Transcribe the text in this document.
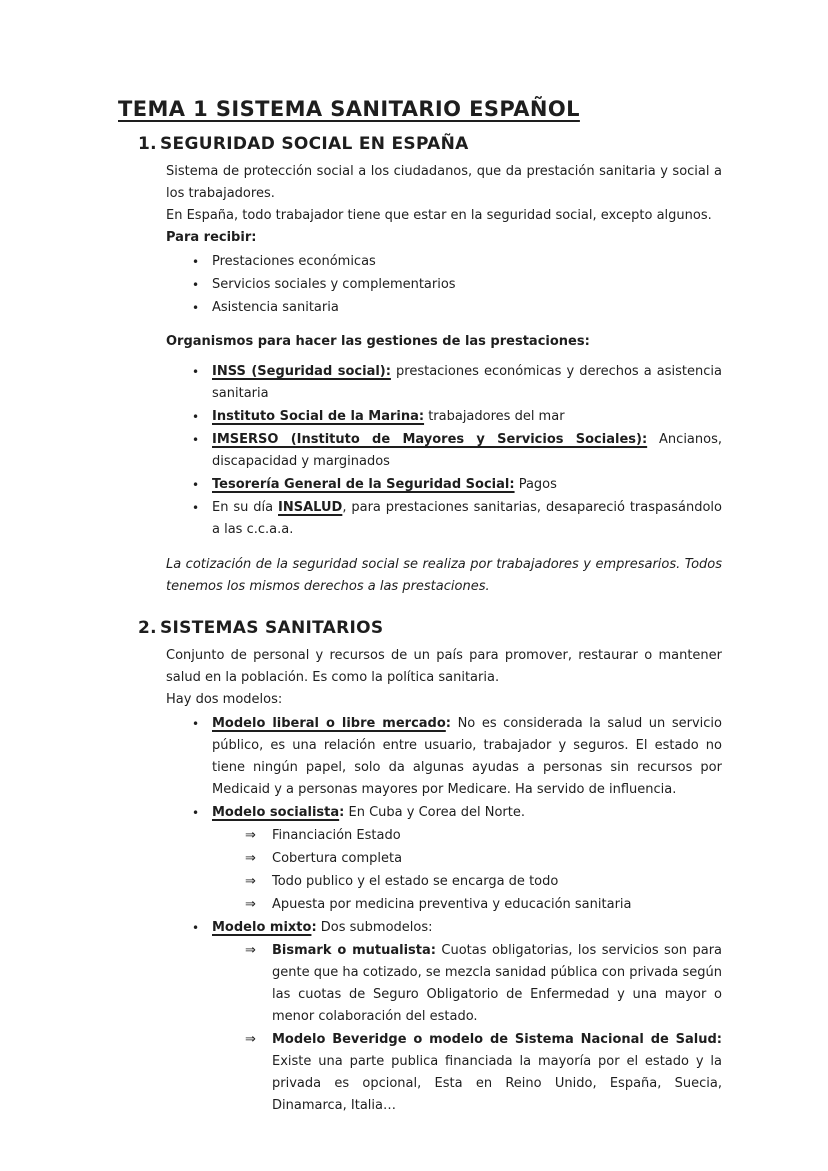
TEMA 1 SISTEMA SANITARIO ESPAÑOL
1. SEGURIDAD SOCIAL EN ESPAÑA

Sistema de protección social a los ciudadanos, que da prestación sanitaria y social a los trabajadores.

En España, todo trabajador tiene que estar en la seguridad social, excepto algunos.

Para recibir:

• Prestaciones económicas
• Servicios sociales y complementarios
• Asistencia sanitaria

Organismos para hacer las gestiones de las prestaciones:

• INSS (Seguridad social): prestaciones económicas y derechos a asistencia sanitaria
• Instituto Social de la Marina: trabajadores del mar
• IMSERSO (Instituto de Mayores y Servicios Sociales): Ancianos, discapacidad y marginados
• Tesorería General de la Seguridad Social: Pagos
• En su día INSALUD, para prestaciones sanitarias, desapareció traspasándolo a las c.c.a.a.

La cotización de la seguridad social se realiza por trabajadores y empresarios. Todos tenemos los mismos derechos a las prestaciones.

2. SISTEMAS SANITARIOS

Conjunto de personal y recursos de un país para promover, restaurar o mantener salud en la población. Es como la política sanitaria.

Hay dos modelos:

• Modelo liberal o libre mercado: No es considerada la salud un servicio público, es una relación entre usuario, trabajador y seguros. El estado no tiene ningún papel, solo da algunas ayudas a personas sin recursos por Medicaid y a personas mayores por Medicare. Ha servido de influencia.
• Modelo socialista: En Cuba y Corea del Norte.
⇒	Financiación Estado
⇒	Cobertura completa
⇒	Todo publico y el estado se encarga de todo
⇒	Apuesta por medicina preventiva y educación sanitaria
• Modelo mixto: Dos submodelos:
⇒	Bismark o mutualista: Cuotas obligatorias, los servicios son para gente que ha cotizado, se mezcla sanidad pública con privada según las cuotas de Seguro Obligatorio de Enfermedad y una mayor o menor colaboración del estado.
⇒	Modelo Beveridge o modelo de Sistema Nacional de Salud: Existe una parte publica financiada la mayoría por el estado y la privada es opcional, Esta en Reino Unido, España, Suecia, Dinamarca, Italia…
